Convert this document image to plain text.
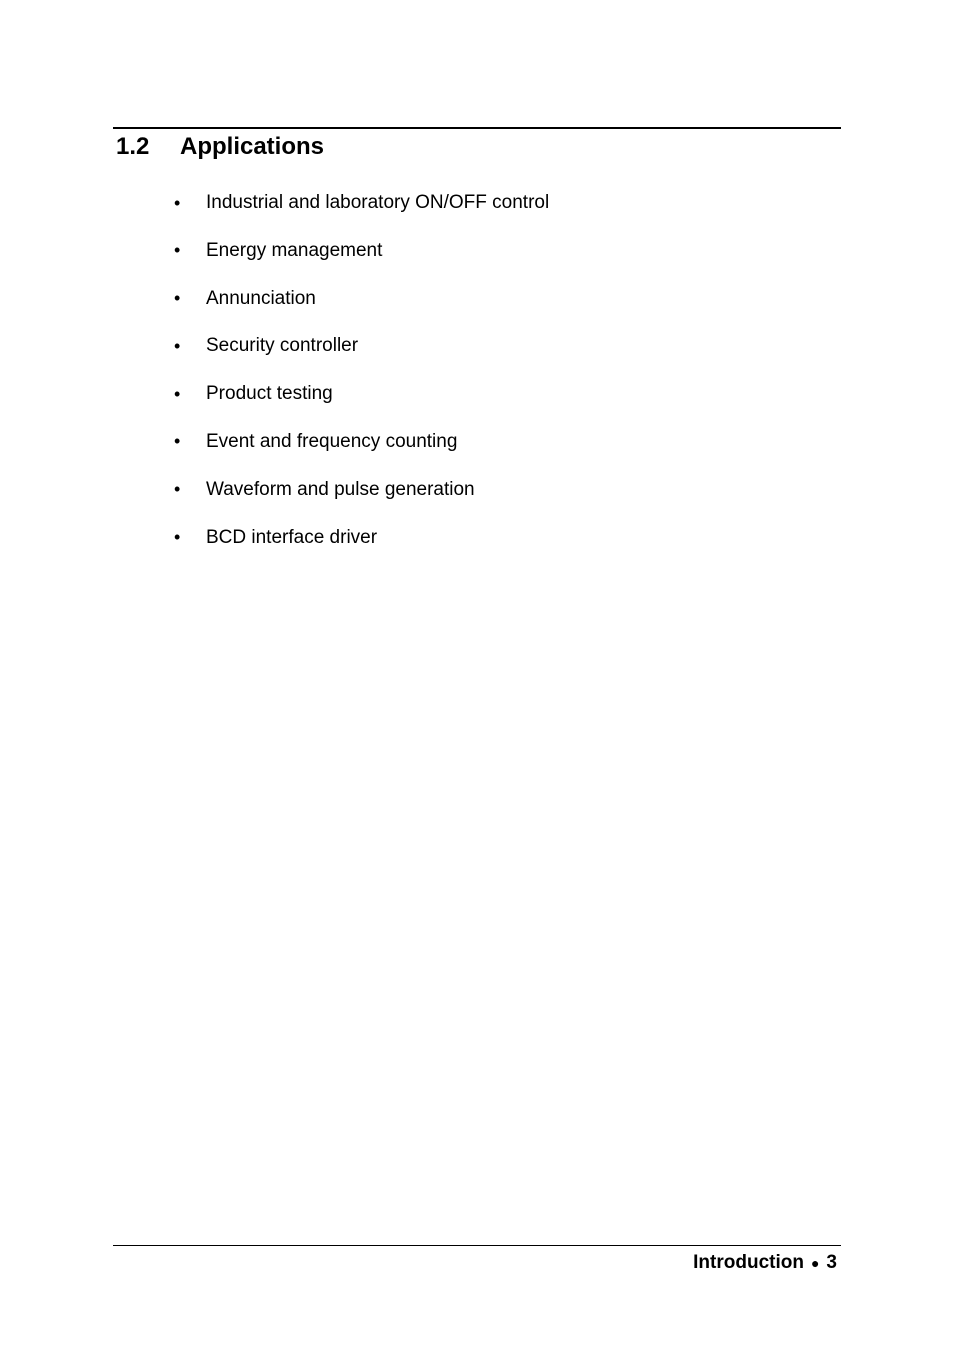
1.2	Applications
•	Industrial and laboratory ON/OFF control
•	Energy management
•	Annunciation
•	Security controller
•	Product testing
•	Event and frequency counting
•	Waveform and pulse generation
•	BCD interface driver
Introduction ● 3
